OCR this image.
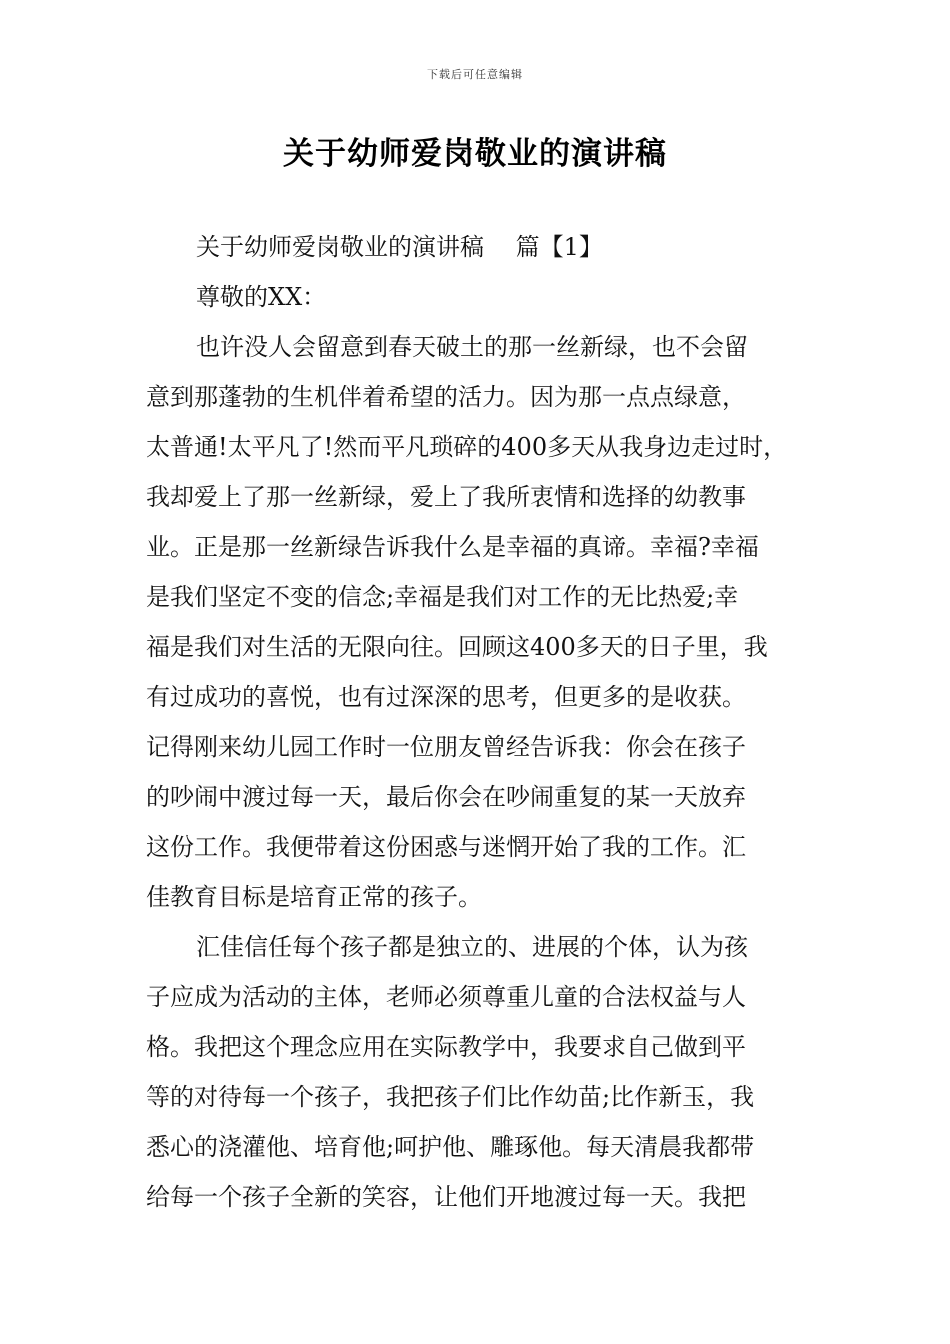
下载后可任意编辑
关于幼师爱岗敬业的演讲稿
关于幼师爱岗敬业的演讲稿　 篇【1】
尊敬的XX：
也许没人会留意到春天破土的那一丝新绿，也不会留
意到那蓬勃的生机伴着希望的活力。因为那一点点绿意，
太普通!太平凡了!然而平凡琐碎的400多天从我身边走过时，
我却爱上了那一丝新绿，爱上了我所衷情和选择的幼教事
业。正是那一丝新绿告诉我什么是幸福的真谛。幸福?幸福
是我们坚定不变的信念;幸福是我们对工作的无比热爱;幸
福是我们对生活的无限向往。回顾这400多天的日子里，我
有过成功的喜悦，也有过深深的思考，但更多的是收获。
记得刚来幼儿园工作时一位朋友曾经告诉我：你会在孩子
的吵闹中渡过每一天，最后你会在吵闹重复的某一天放弃
这份工作。我便带着这份困惑与迷惘开始了我的工作。汇
佳教育目标是培育正常的孩子。
汇佳信任每个孩子都是独立的、进展的个体，认为孩
子应成为活动的主体，老师必须尊重儿童的合法权益与人
格。我把这个理念应用在实际教学中，我要求自己做到平
等的对待每一个孩子，我把孩子们比作幼苗;比作新玉，我
悉心的浇灌他、培育他;呵护他、雕琢他。每天清晨我都带
给每一个孩子全新的笑容，让他们开地渡过每一天。我把
